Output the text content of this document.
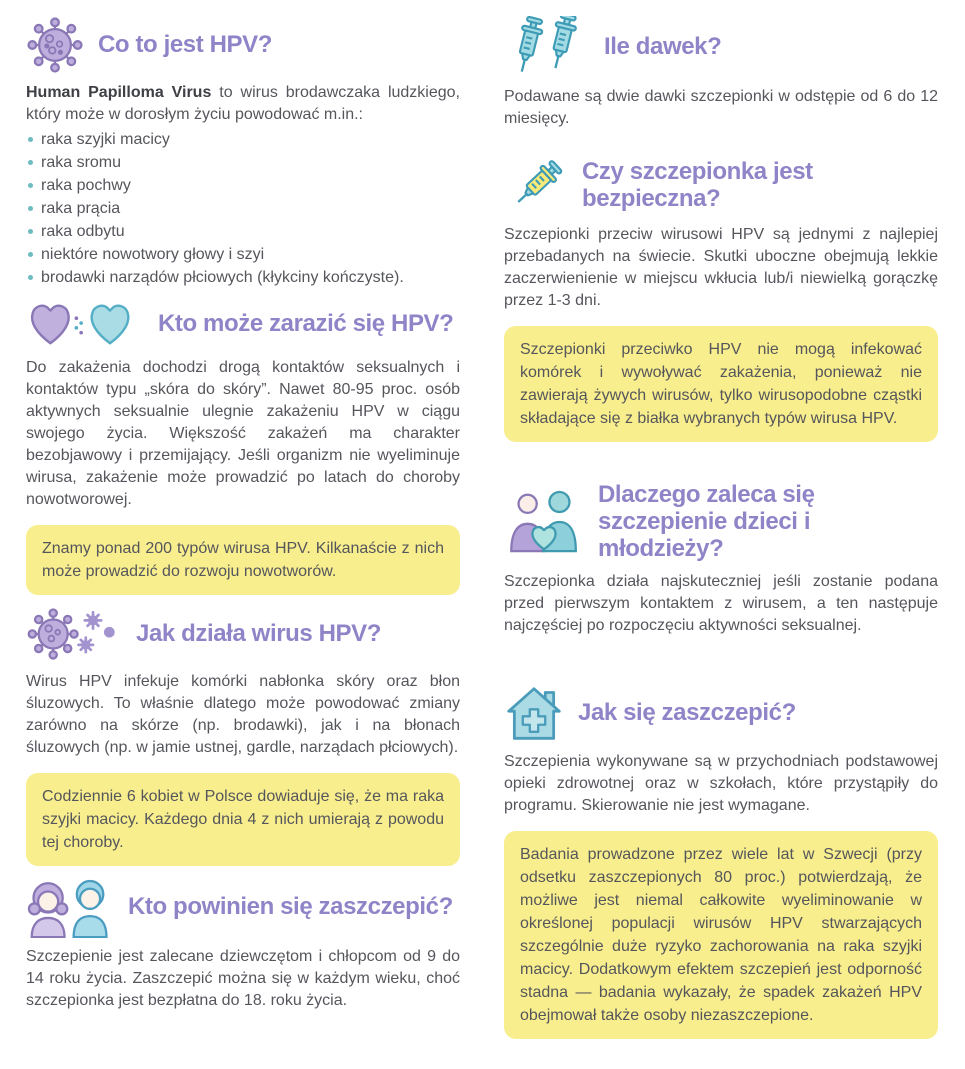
Co to jest HPV?

Human Papilloma Virus to wirus brodawczaka ludzkiego, który może w dorosłym życiu powodować m.in.:

raka szyjki macicy
raka sromu
raka pochwy
raka prącia
raka odbytu
niektóre nowotwory głowy i szyi
brodawki narządów płciowych (kłykciny kończyste).
Kto może zarazić się HPV?

Do zakażenia dochodzi drogą kontaktów seksualnych i kontaktów typu „skóra do skóry”. Nawet 80-95 proc. osób aktywnych seksualnie ulegnie zakażeniu HPV w ciągu swojego życia. Większość zakażeń ma charakter bezobjawowy i przemijający. Jeśli organizm nie wyeliminuje wirusa, zakażenie może prowadzić po latach do choroby nowotworowej.

Znamy ponad 200 typów wirusa HPV. Kilkanaście z nich może prowadzić do rozwoju nowotworów.
Jak działa wirus HPV?

Wirus HPV infekuje komórki nabłonka skóry oraz błon śluzowych. To właśnie dlatego może powodować zmiany zarówno na skórze (np. brodawki), jak i na błonach śluzowych (np. w jamie ustnej, gardle, narządach płciowych).

Codziennie 6 kobiet w Polsce dowiaduje się, że ma raka szyjki macicy. Każdego dnia 4 z nich umierają z powodu tej choroby.
Kto powinien się zaszczepić?

Szczepienie jest zalecane dziewczętom i chłopcom od 9 do 14 roku życia. Zaszczepić można się w każdym wieku, choć szczepionka jest bezpłatna do 18. roku życia.

Ile dawek?

Podawane są dwie dawki szczepionki w odstępie od 6 do 12 miesięcy.

Czy szczepionka jest bezpieczna?

Szczepionki przeciw wirusowi HPV są jednymi z najlepiej przebadanych na świecie. Skutki uboczne obejmują lekkie zaczerwienienie w miejscu wkłucia lub/i niewielką gorączkę przez 1-3 dni.

Szczepionki przeciwko HPV nie mogą infekować komórek i wywoływać zakażenia, ponieważ nie zawierają żywych wirusów, tylko wirusopodobne cząstki składające się z białka wybranych typów wirusa HPV.
Dlaczego zaleca się szczepienie dzieci i młodzieży?

Szczepionka działa najskuteczniej jeśli zostanie podana przed pierwszym kontaktem z wirusem, a ten następuje najczęściej po rozpoczęciu aktywności seksualnej.

Jak się zaszczepić?

Szczepienia wykonywane są w przychodniach podstawowej opieki zdrowotnej oraz w szkołach, które przystąpiły do programu. Skierowanie nie jest wymagane.

Badania prowadzone przez wiele lat w Szwecji (przy odsetku zaszczepionych 80 proc.) potwierdzają, że możliwe jest niemal całkowite wyeliminowanie w określonej populacji wirusów HPV stwarzających szczególnie duże ryzyko zachorowania na raka szyjki macicy. Dodatkowym efektem szczepień jest odporność stadna — badania wykazały, że spadek zakażeń HPV obejmował także osoby niezaszczepione.
